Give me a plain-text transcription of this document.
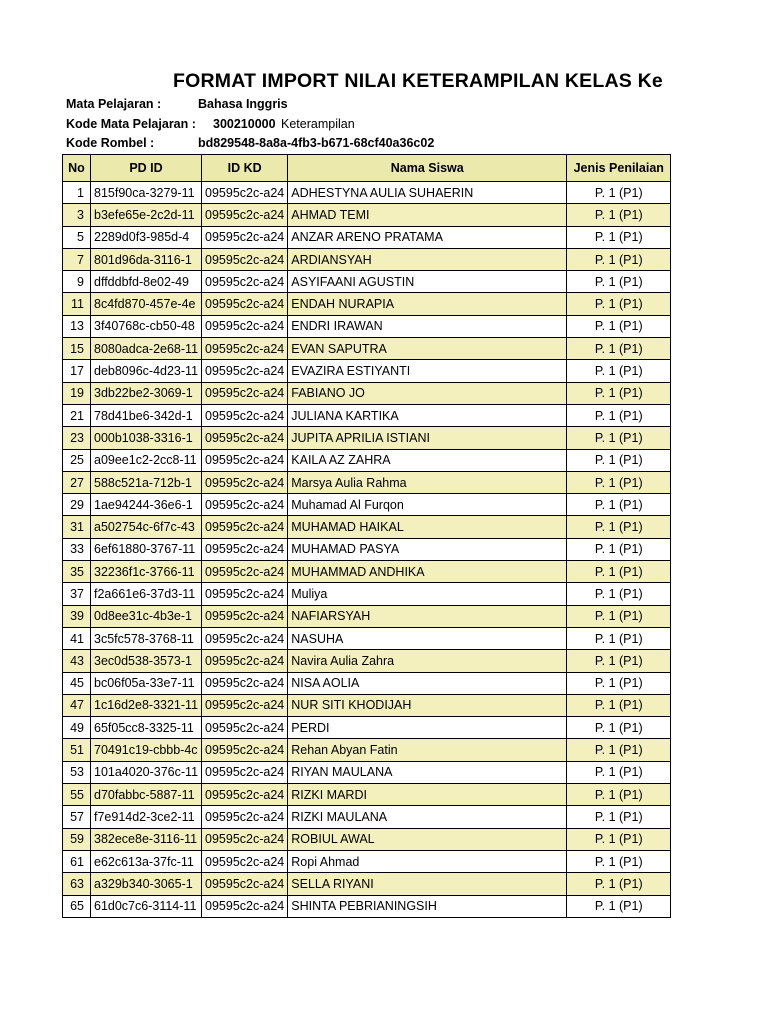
FORMAT IMPORT NILAI KETERAMPILAN KELAS Ke
Mata Pelajaran :	Bahasa Inggris
Kode Mata Pelajaran : 300210000 Keterampilan
Kode Rombel :	bd829548-8a8a-4fb3-b671-68cf40a36c02
No	PD ID	ID KD	Nama Siswa	Jenis Penilaian
1	815f90ca-3279-11	09595c2c-a24	ADHESTYNA AULIA SUHAERIN	P. 1 (P1)
3	b3efe65e-2c2d-11	09595c2c-a24	AHMAD TEMI	P. 1 (P1)
5	2289d0f3-985d-4	09595c2c-a24	ANZAR ARENO PRATAMA	P. 1 (P1)
7	801d96da-3116-1	09595c2c-a24	ARDIANSYAH	P. 1 (P1)
9	dffddbfd-8e02-49	09595c2c-a24	ASYIFAANI AGUSTIN	P. 1 (P1)
11	8c4fd870-457e-4e	09595c2c-a24	ENDAH NURAPIA	P. 1 (P1)
13	3f40768c-cb50-48	09595c2c-a24	ENDRI IRAWAN	P. 1 (P1)
15	8080adca-2e68-11	09595c2c-a24	EVAN SAPUTRA	P. 1 (P1)
17	deb8096c-4d23-11	09595c2c-a24	EVAZIRA ESTIYANTI	P. 1 (P1)
19	3db22be2-3069-1	09595c2c-a24	FABIANO JO	P. 1 (P1)
21	78d41be6-342d-1	09595c2c-a24	JULIANA KARTIKA	P. 1 (P1)
23	000b1038-3316-1	09595c2c-a24	JUPITA APRILIA ISTIANI	P. 1 (P1)
25	a09ee1c2-2cc8-11	09595c2c-a24	KAILA AZ ZAHRA	P. 1 (P1)
27	588c521a-712b-1	09595c2c-a24	Marsya Aulia Rahma	P. 1 (P1)
29	1ae94244-36e6-1	09595c2c-a24	Muhamad Al Furqon	P. 1 (P1)
31	a502754c-6f7c-43	09595c2c-a24	MUHAMAD HAIKAL	P. 1 (P1)
33	6ef61880-3767-11	09595c2c-a24	MUHAMAD PASYA	P. 1 (P1)
35	32236f1c-3766-11	09595c2c-a24	MUHAMMAD ANDHIKA	P. 1 (P1)
37	f2a661e6-37d3-11	09595c2c-a24	Muliya	P. 1 (P1)
39	0d8ee31c-4b3e-1	09595c2c-a24	NAFIARSYAH	P. 1 (P1)
41	3c5fc578-3768-11	09595c2c-a24	NASUHA	P. 1 (P1)
43	3ec0d538-3573-1	09595c2c-a24	Navira Aulia Zahra	P. 1 (P1)
45	bc06f05a-33e7-11	09595c2c-a24	NISA AOLIA	P. 1 (P1)
47	1c16d2e8-3321-11	09595c2c-a24	NUR SITI KHODIJAH	P. 1 (P1)
49	65f05cc8-3325-11	09595c2c-a24	PERDI	P. 1 (P1)
51	70491c19-cbbb-4c	09595c2c-a24	Rehan Abyan Fatin	P. 1 (P1)
53	101a4020-376c-11	09595c2c-a24	RIYAN MAULANA	P. 1 (P1)
55	d70fabbc-5887-11	09595c2c-a24	RIZKI MARDI	P. 1 (P1)
57	f7e914d2-3ce2-11	09595c2c-a24	RIZKI MAULANA	P. 1 (P1)
59	382ece8e-3116-11	09595c2c-a24	ROBIUL AWAL	P. 1 (P1)
61	e62c613a-37fc-11	09595c2c-a24	Ropi Ahmad	P. 1 (P1)
63	a329b340-3065-1	09595c2c-a24	SELLA RIYANI	P. 1 (P1)
65	61d0c7c6-3114-11	09595c2c-a24	SHINTA PEBRIANINGSIH	P. 1 (P1)
